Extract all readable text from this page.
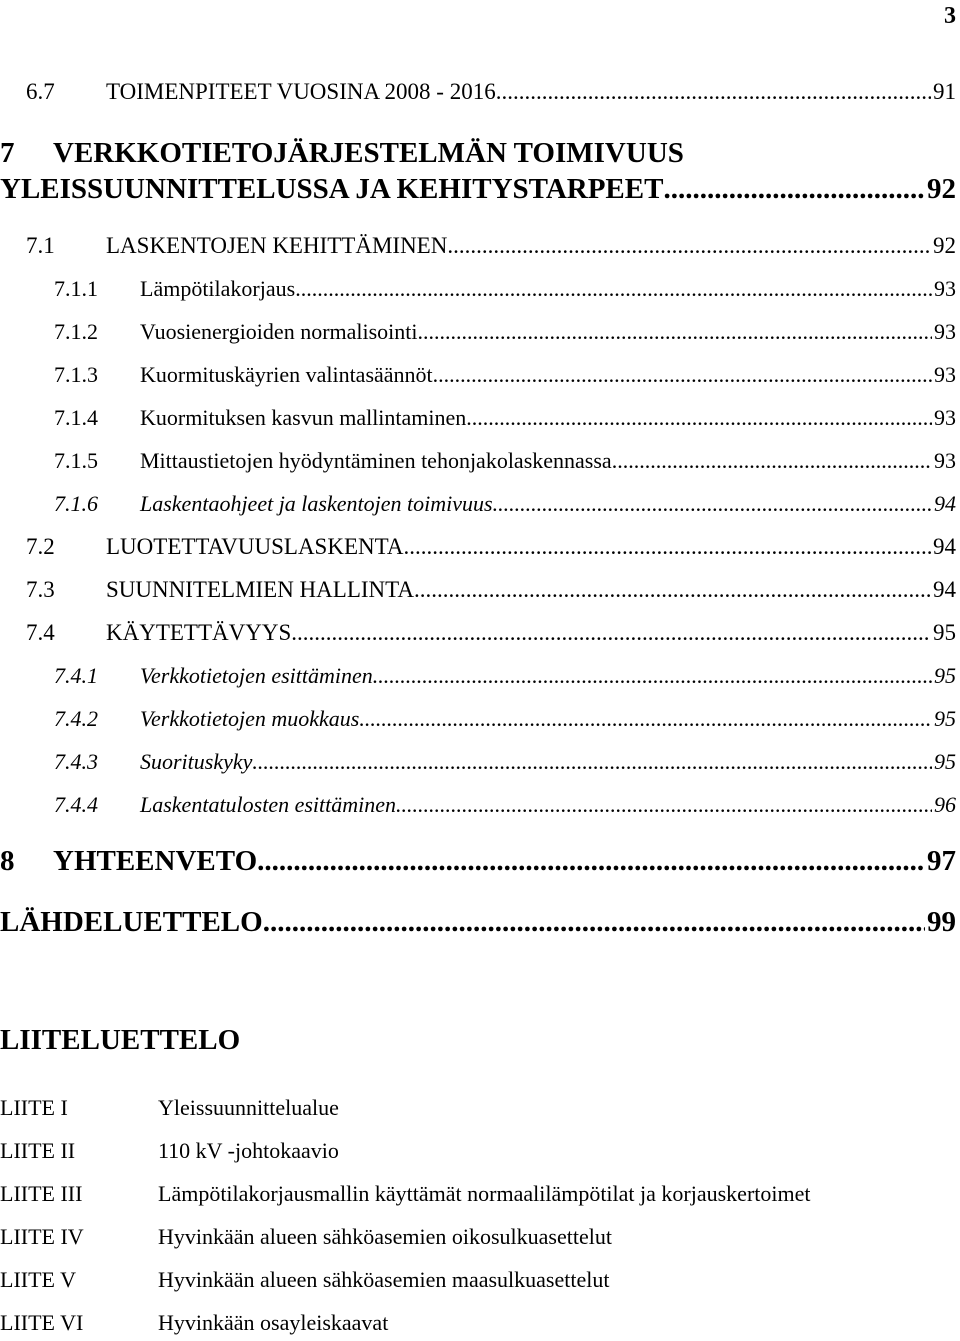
3
6.7	TOIMENPITEET VUOSINA 2008 - 2016 .....	91
7 VERKKOTIETOJÄRJESTELMÄN TOIMIVUUS
YLEISSUUNNITTELUSSA JA KEHITYSTARPEET .....	92
7.1	LASKENTOJEN KEHITTÄMINEN .....	92
7.1.1	Lämpötilakorjaus .....	93
7.1.2	Vuosienergioiden normalisointi .....	93
7.1.3	Kuormituskäyrien valintasäännöt .....	93
7.1.4	Kuormituksen kasvun mallintaminen .....	93
7.1.5	Mittaustietojen hyödyntäminen tehonjakolaskennassa .....	93
7.1.6	Laskentaohjeet ja laskentojen toimivuus .....	94
7.2	LUOTETTAVUUSLASKENTA .....	94
7.3	SUUNNITELMIEN HALLINTA .....	94
7.4	KÄYTETTÄVYYS .....	95
7.4.1	Verkkotietojen esittäminen .....	95
7.4.2	Verkkotietojen muokkaus .....	95
7.4.3	Suorituskyky .....	95
7.4.4	Laskentatulosten esittäminen .....	96
8	YHTEENVETO .....	97
LÄHDELUETTELO .....	99
LIITELUETTELO
LIITE I	Yleissuunnittelualue
LIITE II	110 kV -johtokaavio
LIITE III	Lämpötilakorjausmallin käyttämät normaalilämpötilat ja korjauskertoimet
LIITE IV	Hyvinkään alueen sähköasemien oikosulkuasettelut
LIITE V	Hyvinkään alueen sähköasemien maasulkuasettelut
LIITE VI	Hyvinkään osayleiskaavat
